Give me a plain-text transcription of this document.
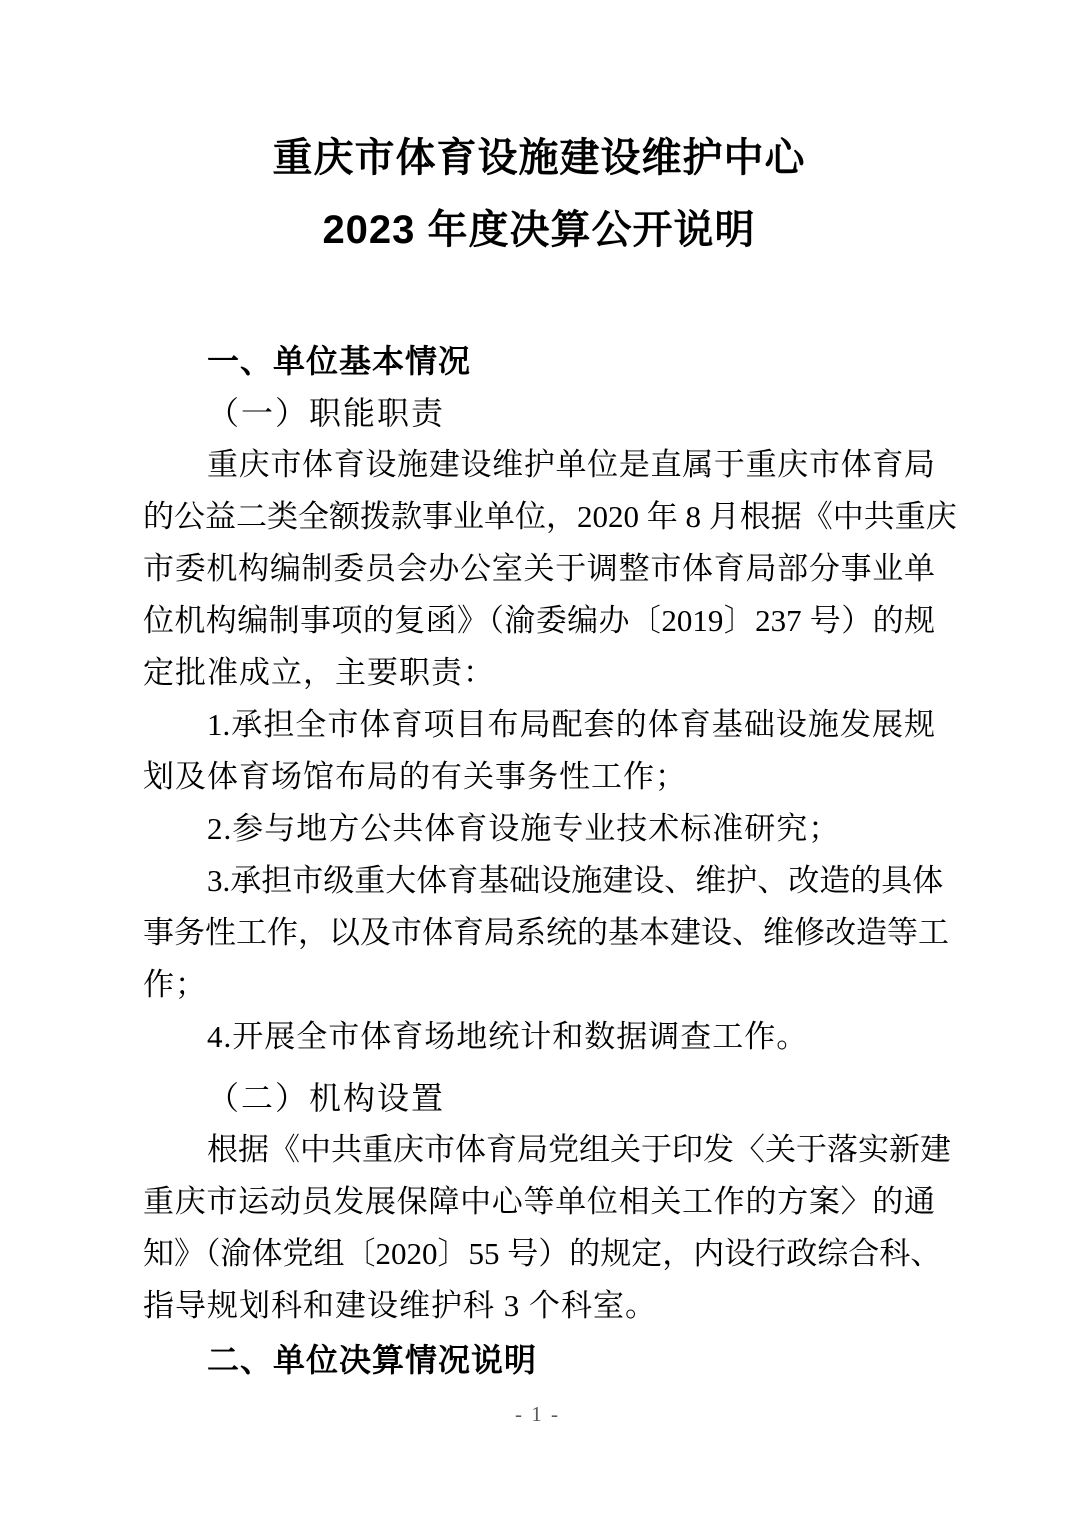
重庆市体育设施建设维护中心
2023 年度决算公开说明
一、单位基本情况
（一）职能职责
重庆市体育设施建设维护单位是直属于重庆市体育局
的公益二类全额拨款事业单位，2020 年 8 月根据《中共重庆
市委机构编制委员会办公室关于调整市体育局部分事业单
位机构编制事项的复函》（渝委编办〔2019〕237 号）的规
定批准成立，主要职责：
1.承担全市体育项目布局配套的体育基础设施发展规
划及体育场馆布局的有关事务性工作；
2.参与地方公共体育设施专业技术标准研究；
3.承担市级重大体育基础设施建设、维护、改造的具体
事务性工作，以及市体育局系统的基本建设、维修改造等工
作；
4.开展全市体育场地统计和数据调查工作。
（二）机构设置
根据《中共重庆市体育局党组关于印发〈关于落实新建
重庆市运动员发展保障中心等单位相关工作的方案〉的通
知》（渝体党组〔2020〕55 号）的规定，内设行政综合科、
指导规划科和建设维护科 3 个科室。
二、单位决算情况说明
- 1 -
